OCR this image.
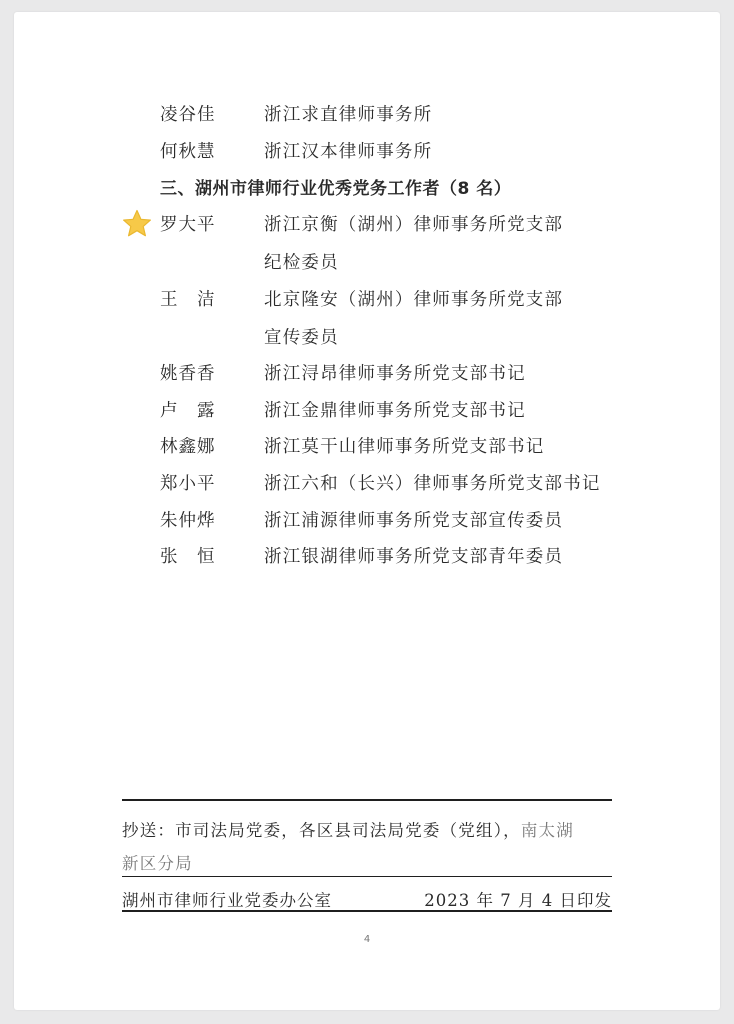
凌谷佳	浙江求直律师事务所
何秋慧	浙江汉本律师事务所
三、湖州市律师行业优秀党务工作者（8 名）
罗大平	浙江京衡（湖州）律师事务所党支部
纪检委员
王　洁	北京隆安（湖州）律师事务所党支部
宣传委员
姚香香	浙江浔昂律师事务所党支部书记
卢　露	浙江金鼎律师事务所党支部书记
林鑫娜	浙江莫干山律师事务所党支部书记
郑小平	浙江六和（长兴）律师事务所党支部书记
朱仲烨	浙江浦源律师事务所党支部宣传委员
张　恒	浙江银湖律师事务所党支部青年委员
抄送：市司法局党委，各区县司法局党委（党组），南太湖
新区分局
湖州市律师行业党委办公室	2023 年 7 月 4 日印发
4
